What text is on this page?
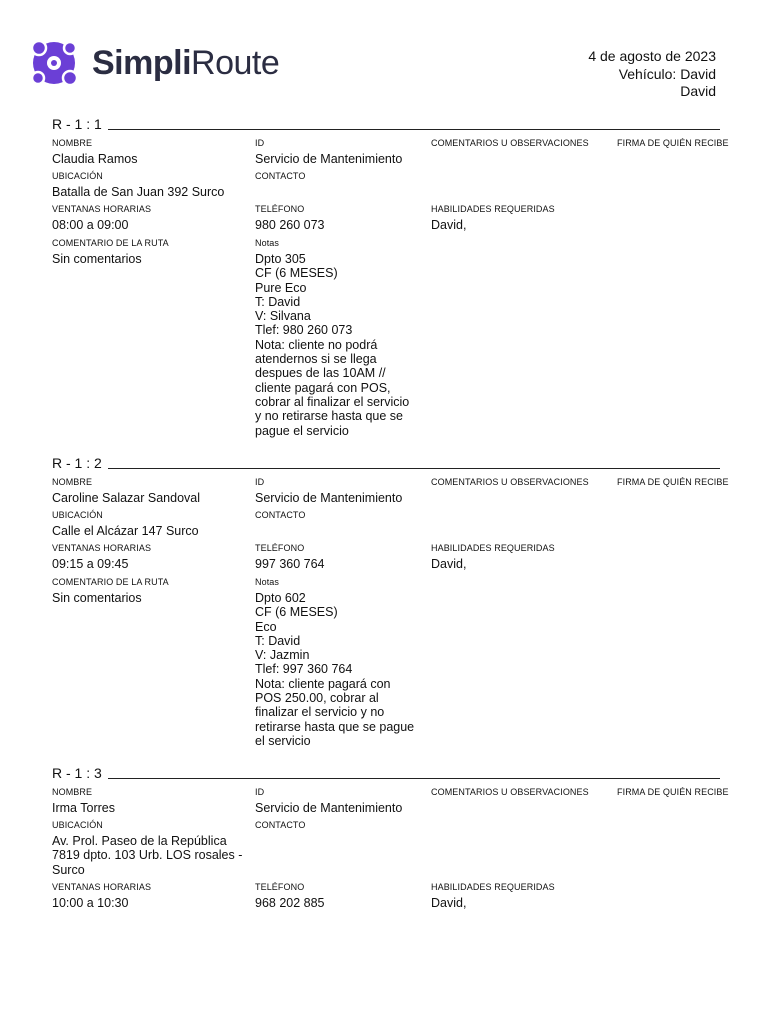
SimpliRoute	4 de agosto de 2023
Vehículo: David
David
R - 1 : 1
NOMBRE
Claudia Ramos
ID
Servicio de Mantenimiento
COMENTARIOS U OBSERVACIONES	FIRMA DE QUIÉN RECIBE
UBICACIÓN
Batalla de San Juan 392 Surco
CONTACTO
VENTANAS HORARIAS
08:00 a 09:00
TELÉFONO
980 260 073
HABILIDADES REQUERIDAS
David,
COMENTARIO DE LA RUTA
Sin comentarios
Notas
Dpto 305
CF (6 MESES)
Pure Eco
T: David
V: Silvana
Tlef: 980 260 073
Nota: cliente no podrá
atendernos si se llega
despues de las 10AM //
cliente pagará con POS,
cobrar al finalizar el servicio
y no retirarse hasta que se
pague el servicio
R - 1 : 2
NOMBRE
Caroline Salazar Sandoval
ID
Servicio de Mantenimiento
COMENTARIOS U OBSERVACIONES	FIRMA DE QUIÉN RECIBE
UBICACIÓN
Calle el Alcázar 147 Surco
CONTACTO
VENTANAS HORARIAS
09:15 a 09:45
TELÉFONO
997 360 764
HABILIDADES REQUERIDAS
David,
COMENTARIO DE LA RUTA
Sin comentarios
Notas
Dpto 602
CF (6 MESES)
Eco
T: David
V: Jazmin
Tlef: 997 360 764
Nota: cliente pagará con
POS 250.00, cobrar al
finalizar el servicio y no
retirarse hasta que se pague
el servicio
R - 1 : 3
NOMBRE
Irma Torres
ID
Servicio de Mantenimiento
COMENTARIOS U OBSERVACIONES	FIRMA DE QUIÉN RECIBE
UBICACIÓN
Av. Prol. Paseo de la República
7819 dpto. 103 Urb. LOS rosales -
Surco
CONTACTO
VENTANAS HORARIAS
10:00 a 10:30
TELÉFONO
968 202 885
HABILIDADES REQUERIDAS
David,
